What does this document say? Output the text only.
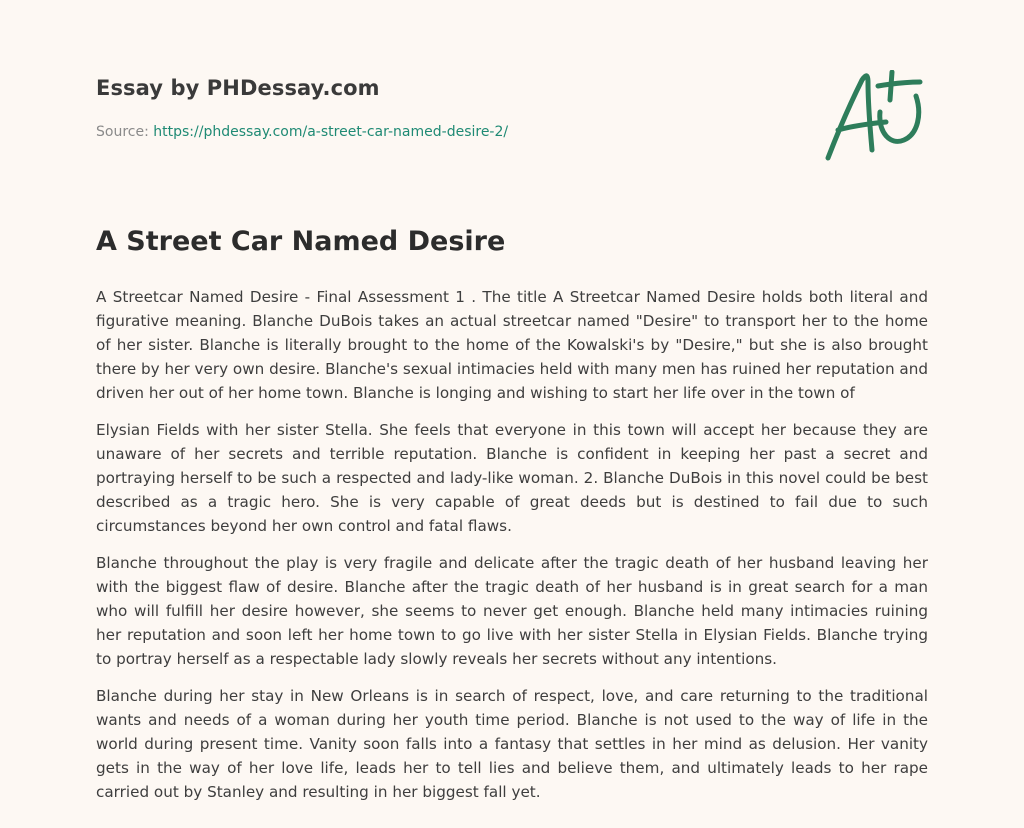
Essay by PHDessay.com
Source: https://phdessay.com/a-street-car-named-desire-2/
A Street Car Named Desire

A Streetcar Named Desire - Final Assessment 1 . The title A Streetcar Named Desire holds both literal and figurative meaning. Blanche DuBois takes an actual streetcar named "Desire" to transport her to the home of her sister. Blanche is literally brought to the home of the Kowalski's by "Desire," but she is also brought there by her very own desire. Blanche's sexual intimacies held with many men has ruined her reputation and driven her out of her home town. Blanche is longing and wishing to start her life over in the town of

Elysian Fields with her sister Stella. She feels that everyone in this town will accept her because they are unaware of her secrets and terrible reputation. Blanche is confident in keeping her past a secret and portraying herself to be such a respected and lady-like woman. 2. Blanche DuBois in this novel could be best described as a tragic hero. She is very capable of great deeds but is destined to fail due to such circumstances beyond her own control and fatal flaws.

Blanche throughout the play is very fragile and delicate after the tragic death of her husband leaving her with the biggest flaw of desire. Blanche after the tragic death of her husband is in great search for a man who will fulfill her desire however, she seems to never get enough. Blanche held many intimacies ruining her reputation and soon left her home town to go live with her sister Stella in Elysian Fields. Blanche trying to portray herself as a respectable lady slowly reveals her secrets without any intentions.

Blanche during her stay in New Orleans is in search of respect, love, and care returning to the traditional wants and needs of a woman during her youth time period. Blanche is not used to the way of life in the world during present time. Vanity soon falls into a fantasy that settles in her mind as delusion. Her vanity gets in the way of her love life, leads her to tell lies and believe them, and ultimately leads to her rape carried out by Stanley and resulting in her biggest fall yet.
